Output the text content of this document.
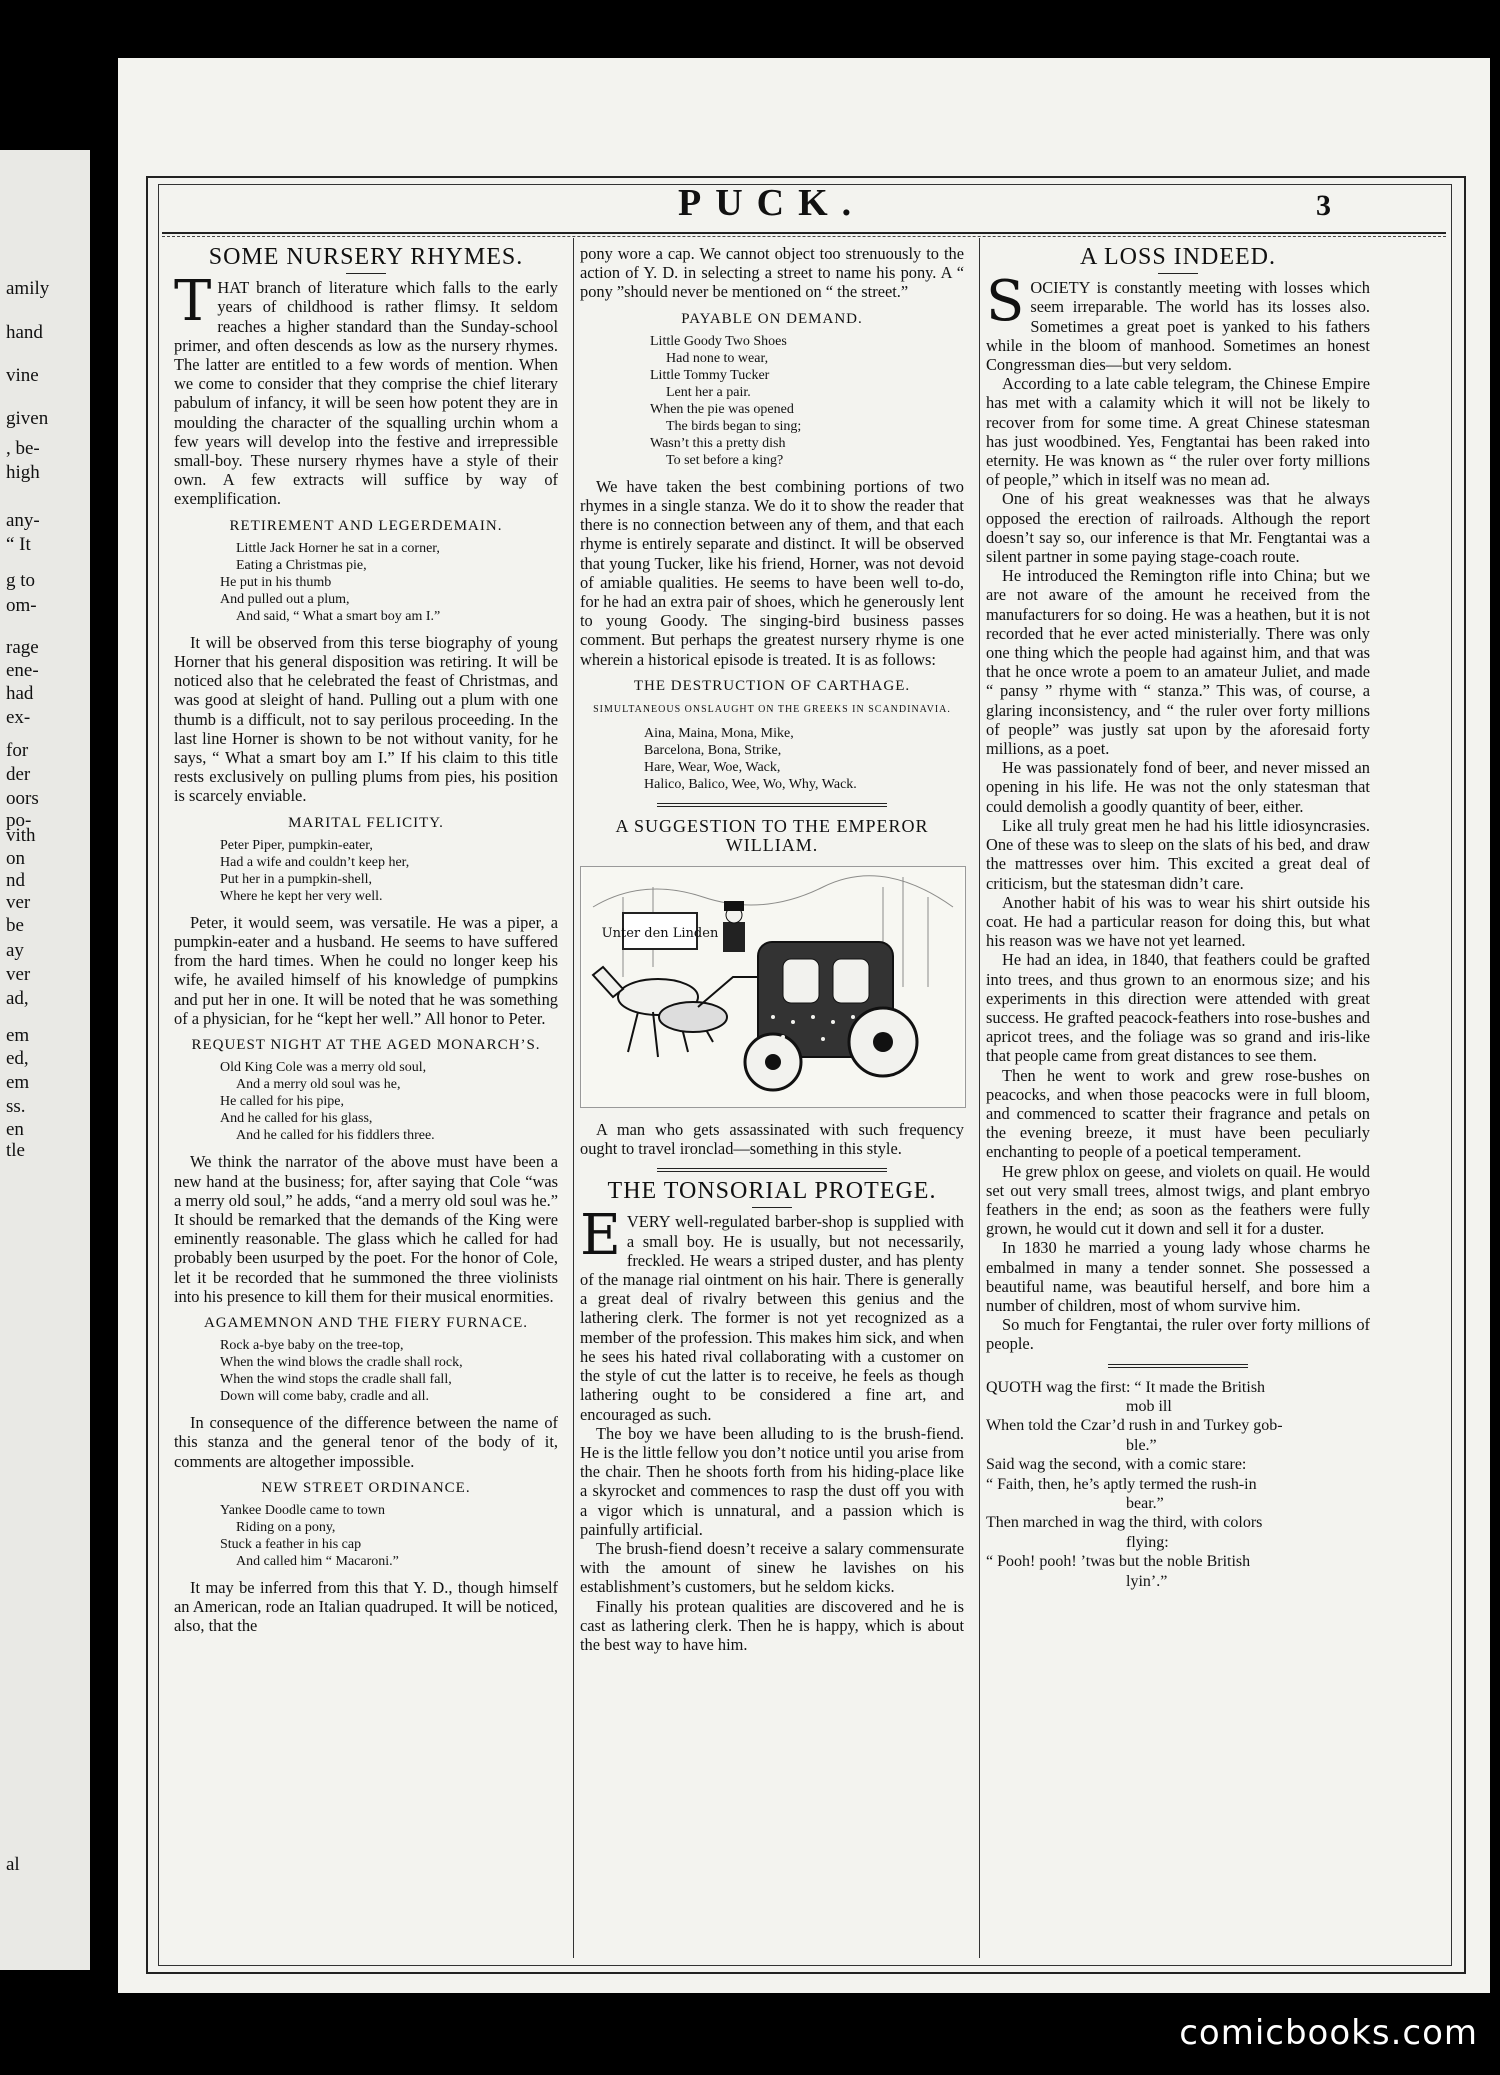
amily
hand
vine
given
, be-
high
any-
“ It
g to
om-
rage
ene-
had
ex-
for
der
oors
po-
vith
on
nd
ver
be
ay
ver
ad,
em
ed,
em
ss.
en
tle
al
PUCK.	3
SOME NURSERY RHYMES.

THAT branch of literature which falls to the early years of childhood is rather flimsy. It seldom reaches a higher standard than the Sunday-school primer, and often descends as low as the nursery rhymes. The latter are entitled to a few words of mention. When we come to consider that they comprise the chief literary pabulum of infancy, it will be seen how potent they are in moulding the character of the squalling urchin whom a few years will develop into the festive and irrepressible small-boy. These nursery rhymes have a style of their own. A few extracts will suffice by way of exemplification.

RETIREMENT AND LEGERDEMAIN.
Little Jack Horner he sat in a corner,
Eating a Christmas pie,
He put in his thumb
And pulled out a plum,
And said, “ What a smart boy am I.”

It will be observed from this terse biography of young Horner that his general disposition was retiring. It will be noticed also that he celebrated the feast of Christmas, and was good at sleight of hand. Pulling out a plum with one thumb is a difficult, not to say perilous proceeding. In the last line Horner is shown to be not without vanity, for he says, “ What a smart boy am I.” If his claim to this title rests exclusively on pulling plums from pies, his position is scarcely enviable.

MARITAL FELICITY.
Peter Piper, pumpkin-eater,
Had a wife and couldn’t keep her,
Put her in a pumpkin-shell,
Where he kept her very well.

Peter, it would seem, was versatile. He was a piper, a pumpkin-eater and a husband. He seems to have suffered from the hard times. When he could no longer keep his wife, he availed himself of his knowledge of pumpkins and put her in one. It will be noted that he was something of a physician, for he “kept her well.” All honor to Peter.

REQUEST NIGHT AT THE AGED MONARCH’S.
Old King Cole was a merry old soul,
And a merry old soul was he,
He called for his pipe,
And he called for his glass,
And he called for his fiddlers three.

We think the narrator of the above must have been a new hand at the business; for, after saying that Cole “was a merry old soul,” he adds, “and a merry old soul was he.” It should be remarked that the demands of the King were eminently reasonable. The glass which he called for had probably been usurped by the poet. For the honor of Cole, let it be recorded that he summoned the three violinists into his presence to kill them for their musical enormities.

AGAMEMNON AND THE FIERY FURNACE.
Rock a-bye baby on the tree-top,
When the wind blows the cradle shall rock,
When the wind stops the cradle shall fall,
Down will come baby, cradle and all.

In consequence of the difference between the name of this stanza and the general tenor of the body of it, comments are altogether impossible.

NEW STREET ORDINANCE.
Yankee Doodle came to town
Riding on a pony,
Stuck a feather in his cap
And called him “ Macaroni.”

It may be inferred from this that Y. D., though himself an American, rode an Italian quadruped. It will be noticed, also, that the

pony wore a cap. We cannot object too strenuously to the action of Y. D. in selecting a street to name his pony. A “ pony ”should never be mentioned on “ the street.”

PAYABLE ON DEMAND.
Little Goody Two Shoes
Had none to wear,
Little Tommy Tucker
Lent her a pair.
When the pie was opened
The birds began to sing;
Wasn’t this a pretty dish
To set before a king?

We have taken the best combining portions of two rhymes in a single stanza. We do it to show the reader that there is no connection between any of them, and that each rhyme is entirely separate and distinct. It will be observed that young Tucker, like his friend, Horner, was not devoid of amiable qualities. He seems to have been well to-do, for he had an extra pair of shoes, which he generously lent to young Goody. The singing-bird business passes comment. But perhaps the greatest nursery rhyme is one wherein a historical episode is treated. It is as follows:

THE DESTRUCTION OF CARTHAGE.
SIMULTANEOUS ONSLAUGHT ON THE GREEKS IN SCANDINAVIA.
Aina, Maina, Mona, Mike,
Barcelona, Bona, Strike,
Hare, Wear, Woe, Wack,
Halico, Balico, Wee, Wo, Why, Wack.
A SUGGESTION TO THE EMPEROR WILLIAM.
Unter den Linden

A man who gets assassinated with such frequency ought to travel ironclad—something in this style.

THE TONSORIAL PROTEGE.

EVERY well-regulated barber-shop is supplied with a small boy. He is usually, but not necessarily, freckled. He wears a striped duster, and has plenty of the manage rial ointment on his hair. There is generally a great deal of rivalry between this genius and the lathering clerk. The former is not yet recognized as a member of the profession. This makes him sick, and when he sees his hated rival collaborating with a customer on the style of cut the latter is to receive, he feels as though lathering ought to be considered a fine art, and encouraged as such.

The boy we have been alluding to is the brush-fiend. He is the little fellow you don’t notice until you arise from the chair. Then he shoots forth from his hiding-place like a skyrocket and commences to rasp the dust off you with a vigor which is unnatural, and a passion which is painfully artificial.

The brush-fiend doesn’t receive a salary commensurate with the amount of sinew he lavishes on his establishment’s customers, but he seldom kicks.

Finally his protean qualities are discovered and he is cast as lathering clerk. Then he is happy, which is about the best way to have him.

A LOSS INDEED.

SOCIETY is constantly meeting with losses which seem irreparable. The world has its losses also. Sometimes a great poet is yanked to his fathers while in the bloom of manhood. Sometimes an honest Congressman dies—but very seldom.

According to a late cable telegram, the Chinese Empire has met with a calamity which it will not be likely to recover from for some time. A great Chinese statesman has just woodbined. Yes, Fengtantai has been raked into eternity. He was known as “ the ruler over forty millions of people,” which in itself was no mean ad.

One of his great weaknesses was that he always opposed the erection of railroads. Although the report doesn’t say so, our inference is that Mr. Fengtantai was a silent partner in some paying stage-coach route.

He introduced the Remington rifle into China; but we are not aware of the amount he received from the manufacturers for so doing. He was a heathen, but it is not recorded that he ever acted ministerially. There was only one thing which the people had against him, and that was that he once wrote a poem to an amateur Juliet, and made “ pansy ” rhyme with “ stanza.” This was, of course, a glaring inconsistency, and “ the ruler over forty millions of people” was justly sat upon by the aforesaid forty millions, as a poet.

He was passionately fond of beer, and never missed an opening in his life. He was not the only statesman that could demolish a goodly quantity of beer, either.

Like all truly great men he had his little idiosyncrasies. One of these was to sleep on the slats of his bed, and draw the mattresses over him. This excited a great deal of criticism, but the statesman didn’t care.

Another habit of his was to wear his shirt outside his coat. He had a particular reason for doing this, but what his reason was we have not yet learned.

He had an idea, in 1840, that feathers could be grafted into trees, and thus grown to an enormous size; and his experiments in this direction were attended with great success. He grafted peacock-feathers into rose-bushes and apricot trees, and the foliage was so grand and iris-like that people came from great distances to see them.

Then he went to work and grew rose-bushes on peacocks, and when those peacocks were in full bloom, and commenced to scatter their fragrance and petals on the evening breeze, it must have been peculiarly enchanting to people of a poetical temperament.

He grew phlox on geese, and violets on quail. He would set out very small trees, almost twigs, and plant embryo feathers in the end; as soon as the feathers were fully grown, he would cut it down and sell it for a duster.

In 1830 he married a young lady whose charms he embalmed in many a tender sonnet. She possessed a beautiful name, was beautiful herself, and bore him a number of children, most of whom survive him.

So much for Fengtantai, the ruler over forty millions of people.

QUOTH wag the first: “ It made the British
mob ill
When told the Czar’d rush in and Turkey gob-
ble.”
Said wag the second, with a comic stare:
“ Faith, then, he’s aptly termed the rush-in
bear.”
Then marched in wag the third, with colors
flying:
“ Pooh! pooh! ’twas but the noble British
lyin’.”
comicbooks.com
